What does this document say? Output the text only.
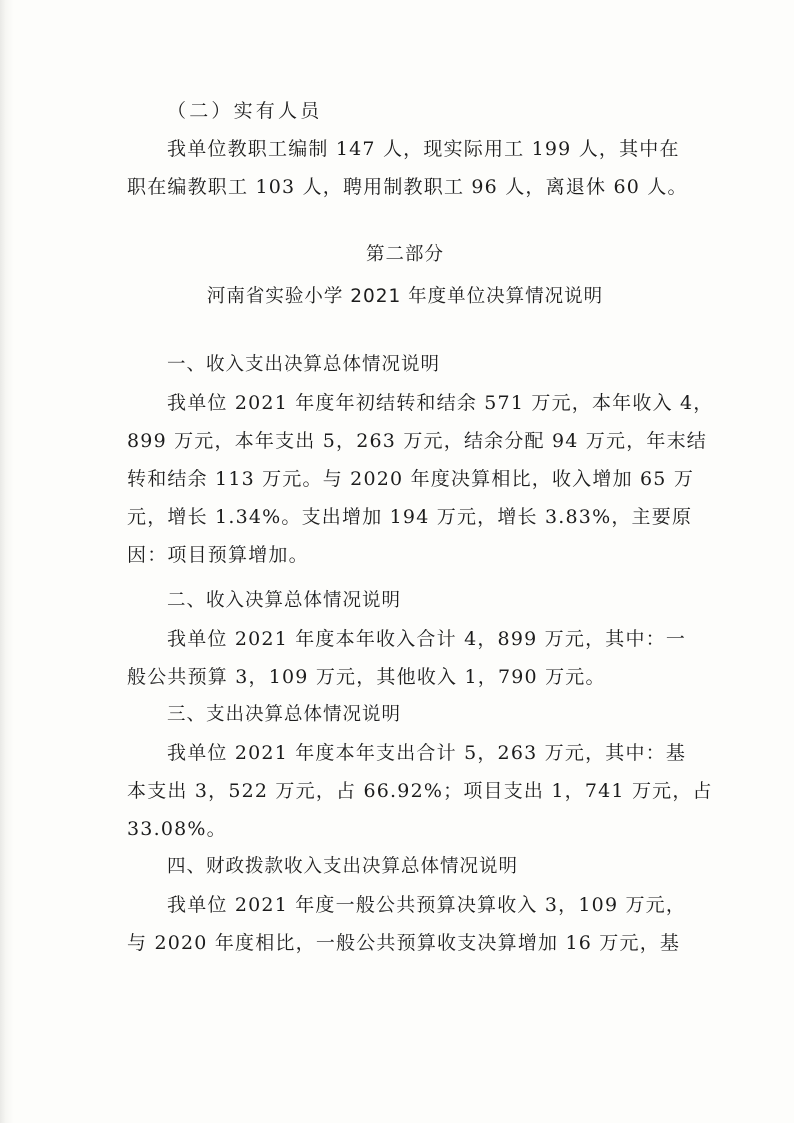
（二）实有人员
我单位教职工编制 147 人，现实际用工 199 人，其中在
职在编教职工 103 人，聘用制教职工 96 人，离退休 60 人。
第二部分
河南省实验小学 2021 年度单位决算情况说明
一、收入支出决算总体情况说明
我单位 2021 年度年初结转和结余 571 万元，本年收入 4，
899 万元，本年支出 5，263 万元，结余分配 94 万元，年末结
转和结余 113 万元。与 2020 年度决算相比，收入增加 65 万
元，增长 1.34%。支出增加 194 万元，增长 3.83%，主要原
因：项目预算增加。
二、收入决算总体情况说明
我单位 2021 年度本年收入合计 4，899 万元，其中：一
般公共预算 3，109 万元，其他收入 1，790 万元。
三、支出决算总体情况说明
我单位 2021 年度本年支出合计 5，263 万元，其中：基
本支出 3，522 万元，占 66.92%；项目支出 1，741 万元，占
33.08%。
四、财政拨款收入支出决算总体情况说明
我单位 2021 年度一般公共预算决算收入 3，109 万元，
与 2020 年度相比，一般公共预算收支决算增加 16 万元，基
